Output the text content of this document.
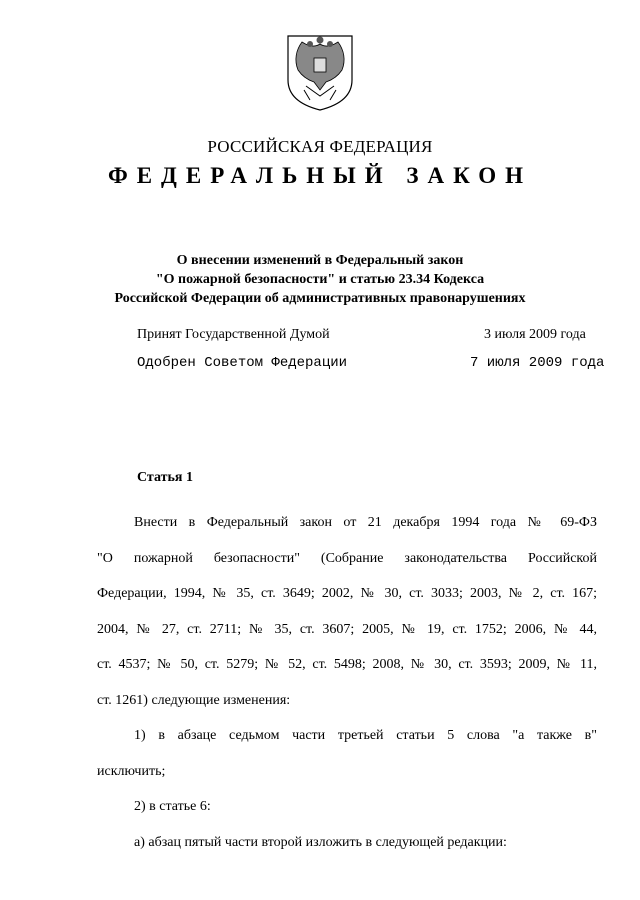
РОССИЙСКАЯ ФЕДЕРАЦИЯ
ФЕДЕРАЛЬНЫЙ ЗАКОН
О внесении изменений в Федеральный закон
"О пожарной безопасности" и статью 23.34 Кодекса
Российской Федерации об административных правонарушениях
Принят Государственной Думой	3 июля 2009 года
Одобрен Советом Федерации	7 июля 2009 года
Статья 1
Внести в Федеральный закон от 21 декабря 1994 года № 69-ФЗ
"О пожарной безопасности" (Собрание законодательства Российской
Федерации, 1994, № 35, ст. 3649; 2002, № 30, ст. 3033; 2003, № 2, ст. 167;
2004, № 27, ст. 2711; № 35, ст. 3607; 2005, № 19, ст. 1752; 2006, № 44,
ст. 4537; № 50, ст. 5279; № 52, ст. 5498; 2008, № 30, ст. 3593; 2009, № 11,
ст. 1261) следующие изменения:
1) в абзаце седьмом части третьей статьи 5 слова "а также в"
исключить;
2) в статье 6:
а) абзац пятый части второй изложить в следующей редакции:
